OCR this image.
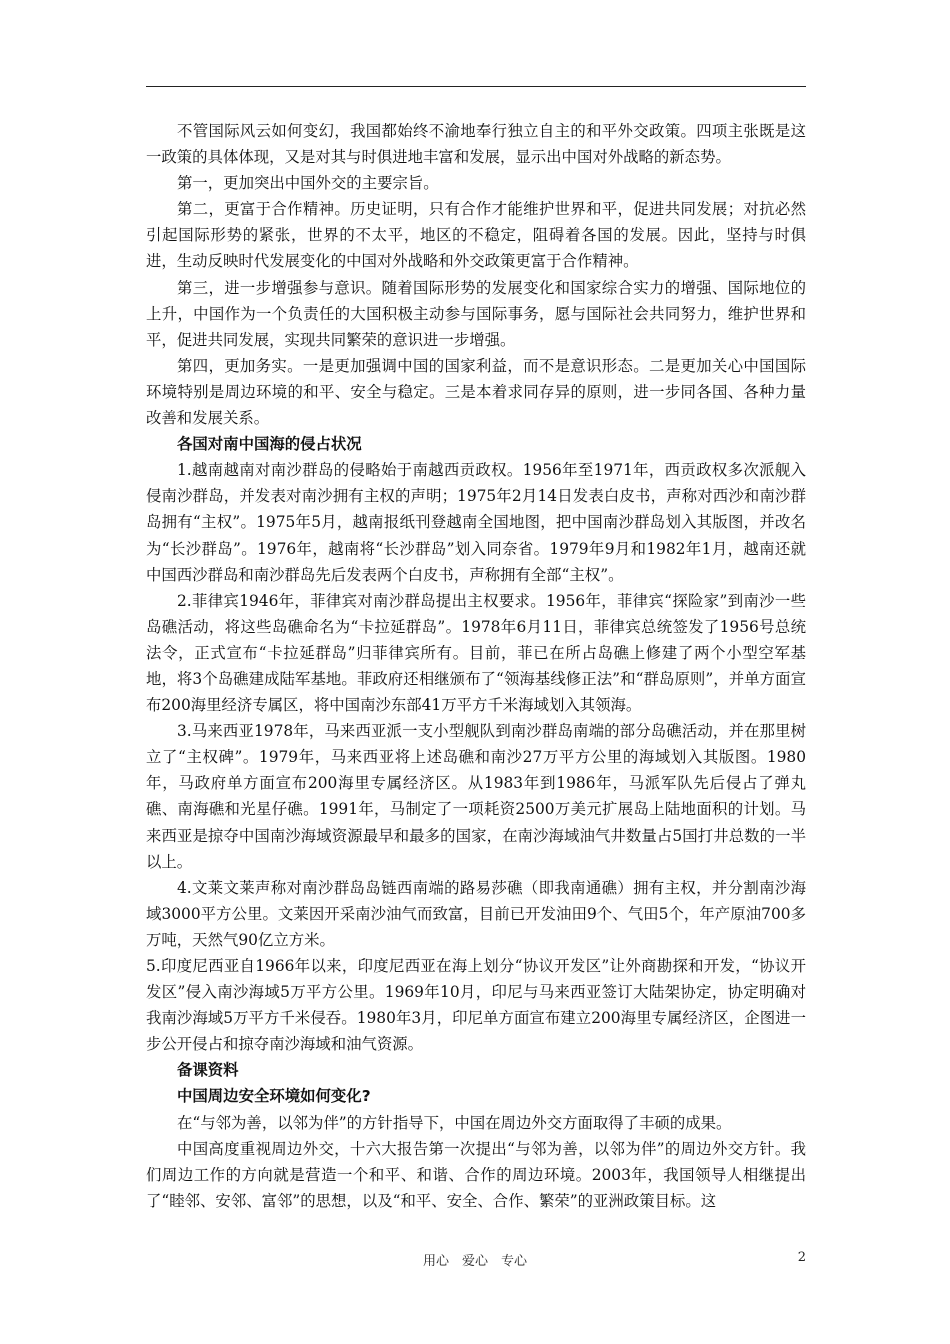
不管国际风云如何变幻，我国都始终不渝地奉行独立自主的和平外交政策。四项主张既是这一政策的具体体现，又是对其与时俱进地丰富和发展，显示出中国对外战略的新态势。

第一，更加突出中国外交的主要宗旨。

第二，更富于合作精神。历史证明，只有合作才能维护世界和平，促进共同发展；对抗必然引起国际形势的紧张，世界的不太平，地区的不稳定，阻碍着各国的发展。因此，坚持与时俱进，生动反映时代发展变化的中国对外战略和外交政策更富于合作精神。

第三，进一步增强参与意识。随着国际形势的发展变化和国家综合实力的增强、国际地位的上升，中国作为一个负责任的大国积极主动参与国际事务，愿与国际社会共同努力，维护世界和平，促进共同发展，实现共同繁荣的意识进一步增强。

第四，更加务实。一是更加强调中国的国家利益，而不是意识形态。二是更加关心中国国际环境特别是周边环境的和平、安全与稳定。三是本着求同存异的原则，进一步同各国、各种力量改善和发展关系。

各国对南中国海的侵占状况

1.越南越南对南沙群岛的侵略始于南越西贡政权。1956年至1971年，西贡政权多次派舰入侵南沙群岛，并发表对南沙拥有主权的声明；1975年2月14日发表白皮书，声称对西沙和南沙群岛拥有“主权”。1975年5月，越南报纸刊登越南全国地图，把中国南沙群岛划入其版图，并改名为“长沙群岛”。1976年，越南将“长沙群岛”划入同奈省。1979年9月和1982年1月，越南还就中国西沙群岛和南沙群岛先后发表两个白皮书，声称拥有全部“主权”。

2.菲律宾1946年，菲律宾对南沙群岛提出主权要求。1956年，菲律宾“探险家”到南沙一些岛礁活动，将这些岛礁命名为“卡拉延群岛”。1978年6月11日，菲律宾总统签发了1956号总统法令，正式宣布“卡拉延群岛”归菲律宾所有。目前，菲已在所占岛礁上修建了两个小型空军基地，将3个岛礁建成陆军基地。菲政府还相继颁布了“领海基线修正法”和“群岛原则”，并单方面宣布200海里经济专属区，将中国南沙东部41万平方千米海域划入其领海。

3.马来西亚1978年，马来西亚派一支小型舰队到南沙群岛南端的部分岛礁活动，并在那里树立了“主权碑”。1979年，马来西亚将上述岛礁和南沙27万平方公里的海域划入其版图。1980年，马政府单方面宣布200海里专属经济区。从1983年到1986年，马派军队先后侵占了弹丸礁、南海礁和光星仔礁。1991年，马制定了一项耗资2500万美元扩展岛上陆地面积的计划。马来西亚是掠夺中国南沙海域资源最早和最多的国家，在南沙海域油气井数量占5国打井总数的一半以上。

4.文莱文莱声称对南沙群岛岛链西南端的路易莎礁（即我南通礁）拥有主权，并分割南沙海域3000平方公里。文莱因开采南沙油气而致富，目前已开发油田9个、气田5个，年产原油700多万吨，天然气90亿立方米。

5.印度尼西亚自1966年以来，印度尼西亚在海上划分“协议开发区”让外商勘探和开发，“协议开发区”侵入南沙海域5万平方公里。1969年10月，印尼与马来西亚签订大陆架协定，协定明确对我南沙海域5万平方千米侵吞。1980年3月，印尼单方面宣布建立200海里专属经济区，企图进一步公开侵占和掠夺南沙海域和油气资源。

备课资料
中国周边安全环境如何变化?

在“与邻为善，以邻为伴”的方针指导下，中国在周边外交方面取得了丰硕的成果。

中国高度重视周边外交，十六大报告第一次提出“与邻为善，以邻为伴”的周边外交方针。我们周边工作的方向就是营造一个和平、和谐、合作的周边环境。2003年，我国领导人相继提出了“睦邻、安邻、富邻”的思想，以及“和平、安全、合作、繁荣”的亚洲政策目标。这

用心　爱心　专心	2
